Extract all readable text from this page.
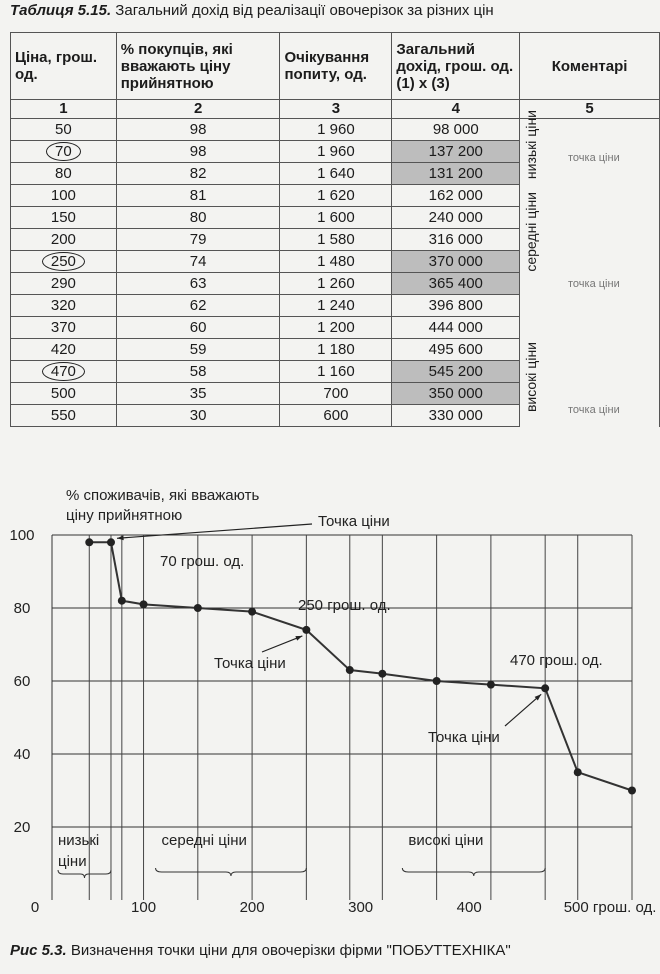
Таблиця 5.15. Загальний дохід від реалізації овочерізок за різних цін
Ціна, грош. од.	% покупців, які вважають ціну прийнятною	Очікування попиту, од.	Загальний дохід, грош. од. (1) х (3)	Коментарі
1	2	3	4	5
50	98	1 960	98 000	
70	98	1 960	137 200	
80	82	1 640	131 200	
100	81	1 620	162 000	
150	80	1 600	240 000	
200	79	1 580	316 000	
250	74	1 480	370 000	
290	63	1 260	365 400	
320	62	1 240	396 800	
370	60	1 200	444 000	
420	59	1 180	495 600	
470	58	1 160	545 200	
500	35	700	350 000	
550	30	600	330 000	
низькі ціни
середні ціни
високі ціни
точка ціни
точка ціни
точка ціни
20
40
60
80
100
0	100	200	300	400	500 грош. од.
% споживачів, які вважають ціну прийнятною	Точка ціни
70 грош. од.
250 грош. од.
Точка ціни	470 грош. од.
Точка ціни
низькі ціни
середні ціни	високі ціни
Рис 5.3. Визначення точки ціни для овочерізки фірми "ПОБУТТЕХНІКА"
